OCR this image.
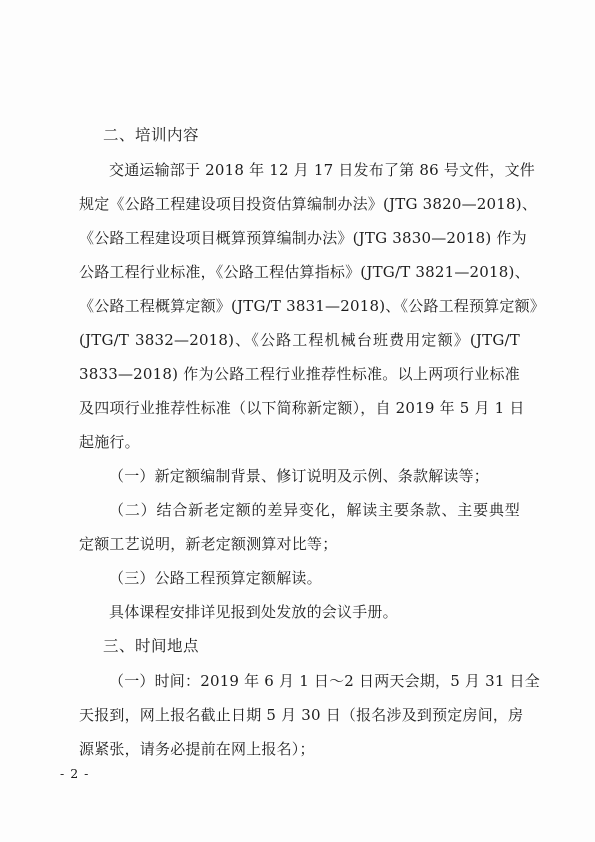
二、培训内容
交通运输部于 2018 年 12 月 17 日发布了第 86 号文件，文件
规定《公路工程建设项目投资估算编制办法》(JTG 3820—2018)、
《公路工程建设项目概算预算编制办法》(JTG 3830—2018) 作为
公路工程行业标准，《公路工程估算指标》(JTG/T 3821—2018)、
《公路工程概算定额》(JTG/T 3831—2018)、《公路工程预算定额》
(JTG/T 3832—2018)、《公路工程机械台班费用定额》(JTG/T
3833—2018) 作为公路工程行业推荐性标准。以上两项行业标准
及四项行业推荐性标准（以下简称新定额），自 2019 年 5 月 1 日
起施行。
（一）新定额编制背景、修订说明及示例、条款解读等；
（二）结合新老定额的差异变化，解读主要条款、主要典型
定额工艺说明，新老定额测算对比等；
（三）公路工程预算定额解读。
具体课程安排详见报到处发放的会议手册。
三、时间地点
（一）时间：2019 年 6 月 1 日～2 日两天会期，5 月 31 日全
天报到，网上报名截止日期 5 月 30 日（报名涉及到预定房间，房
源紧张，请务必提前在网上报名）；
- 2 -
